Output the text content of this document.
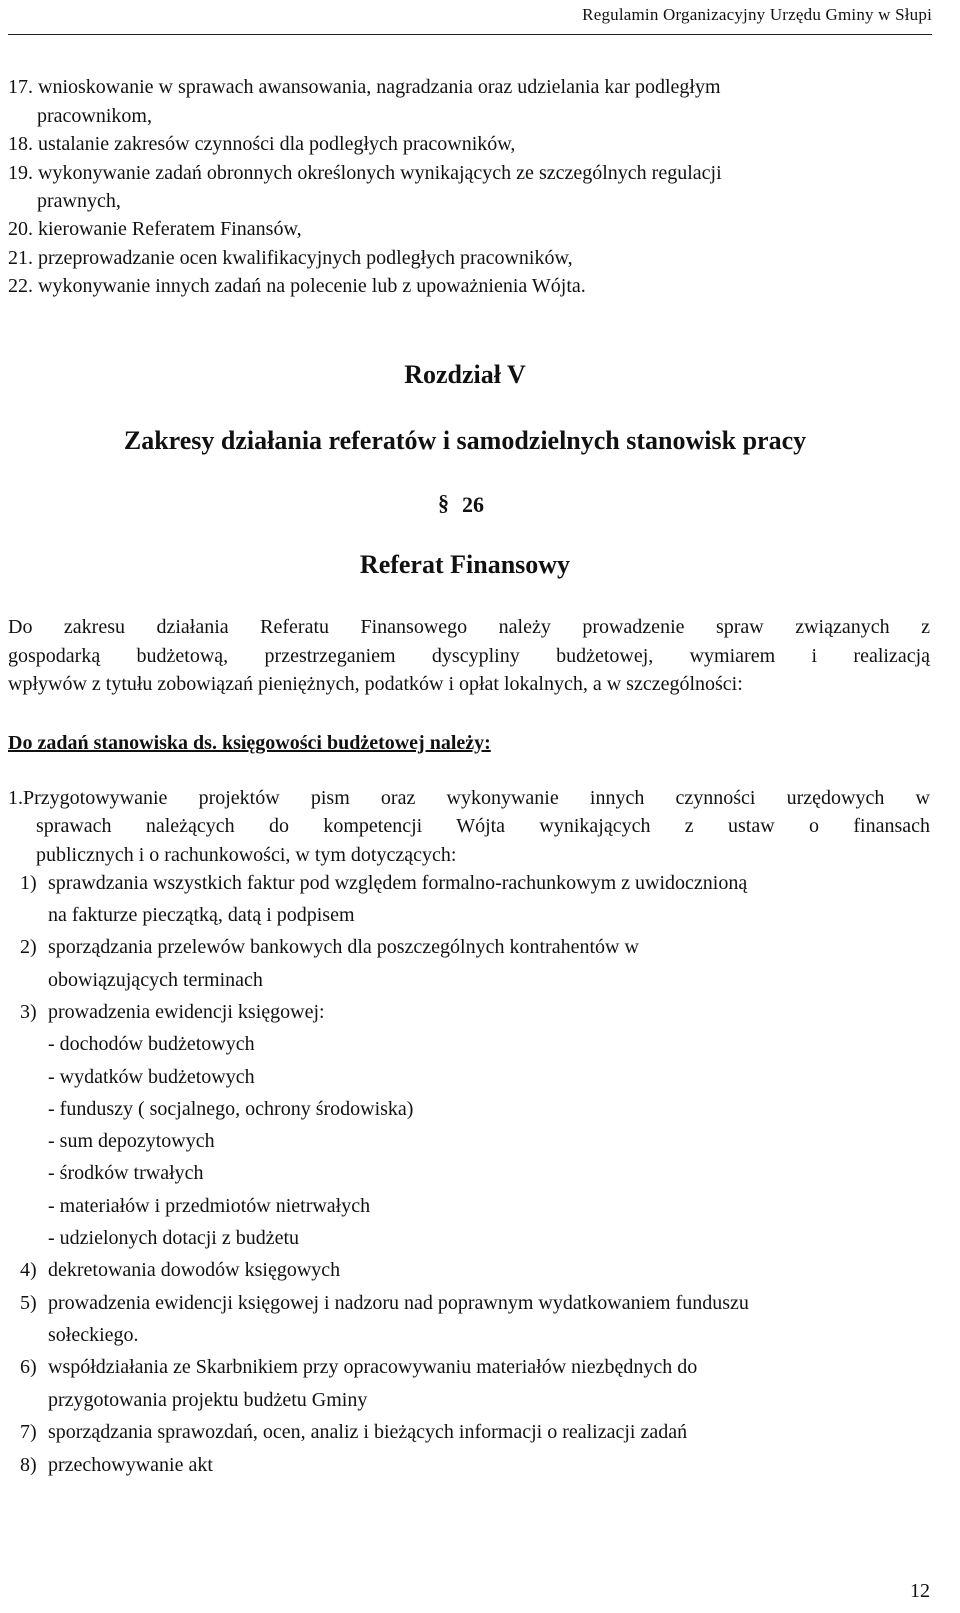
Regulamin Organizacyjny Urzędu Gminy w Słupi
17. wnioskowanie w sprawach awansowania, nagradzania oraz udzielania kar podległym
pracownikom,
18. ustalanie zakresów czynności dla podległych pracowników,
19. wykonywanie zadań obronnych określonych wynikających ze szczególnych regulacji
prawnych,
20. kierowanie Referatem Finansów,
21. przeprowadzanie ocen kwalifikacyjnych podległych pracowników,
22. wykonywanie innych zadań na polecenie lub z upoważnienia Wójta.
Rozdział V
Zakresy działania referatów i samodzielnych stanowisk pracy
§ 26
Referat Finansowy
Do zakresu działania Referatu Finansowego należy prowadzenie spraw związanych z
gospodarką budżetową, przestrzeganiem dyscypliny budżetowej, wymiarem i realizacją
wpływów z tytułu zobowiązań pieniężnych, podatków i opłat lokalnych, a w szczególności:
Do zadań stanowiska ds. księgowości budżetowej należy:
1.Przygotowywanie projektów pism oraz wykonywanie innych czynności urzędowych w
sprawach należących do kompetencji Wójta wynikających z ustaw o finansach
publicznych i o rachunkowości, w tym dotyczących:
1) sprawdzania wszystkich faktur pod względem formalno-rachunkowym z uwidocznioną
na fakturze pieczątką, datą i podpisem
2) sporządzania przelewów bankowych dla poszczególnych kontrahentów w
obowiązujących terminach
3) prowadzenia ewidencji księgowej:
- dochodów budżetowych
- wydatków budżetowych
- funduszy ( socjalnego, ochrony środowiska)
- sum depozytowych
- środków trwałych
- materiałów i przedmiotów nietrwałych
- udzielonych dotacji z budżetu
4) dekretowania dowodów księgowych
5) prowadzenia ewidencji księgowej i nadzoru nad poprawnym wydatkowaniem funduszu
sołeckiego.
6) współdziałania ze Skarbnikiem przy opracowywaniu materiałów niezbędnych do
przygotowania projektu budżetu Gminy
7) sporządzania sprawozdań, ocen, analiz i bieżących informacji o realizacji zadań
8) przechowywanie akt
12
